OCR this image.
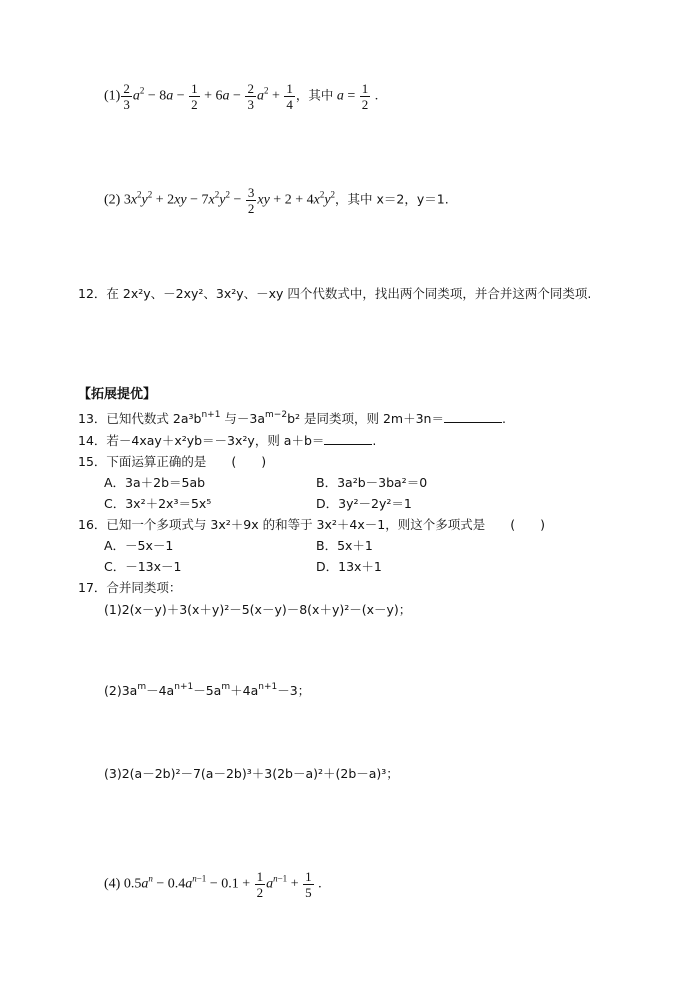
$(1) \frac{2}{3} a^2 - 8a - \frac{1}{2} + 6a - \frac{2}{3} a^2 + \frac{1}{4}$ ，其中 $a = \frac{1}{2}$ .
(2) $3x^2y^2 + 2xy - 7x^2y^2 - \frac{3}{2}$ xy + $2 + 4x^2y^2$，其中 x＝2，y＝1.
12．在 2x²y、－2xy²、3x²y、－xy 四个代数式中，找出两个同类项，并合并这两个同类项.
【拓展提优】
13．已知代数式 $2a^3b^{n+1}$ 与$-3a^{m-2}b^2$ 是同类项，则 2m＋3n＝	.
14．若－4xay＋x²yb＝－3x²y，则 a＋b＝	.
15．下面运算正确的是　　(　　)
A．3a＋2b＝5ab	B．3a²b－3ba²＝0
C．3x²＋2x³＝5x⁵	D．3y²－2y²＝1
16．已知一个多项式与 3x²＋9x 的和等于 3x²＋4x－1，则这个多项式是　　(　　)
A．－5x－1	B．5x＋1
C．－13x－1	D．13x＋1
17．合并同类项：
(1)2(x－y)＋3(x＋y)²－5(x－y)－8(x＋y)²－(x－y)；
$(2)3a^m-4a^{n+1}-5a^m+4a^{n+1}-3$；
(3)2(a－2b)²－7(a－2b)³＋3(2b－a)²＋(2b－a)³；
(4) $0.5a^n - 0.4a^{n-1} - 0.1 + \frac{1}{2} a^{n-1} + \frac{1}{5}$ .
